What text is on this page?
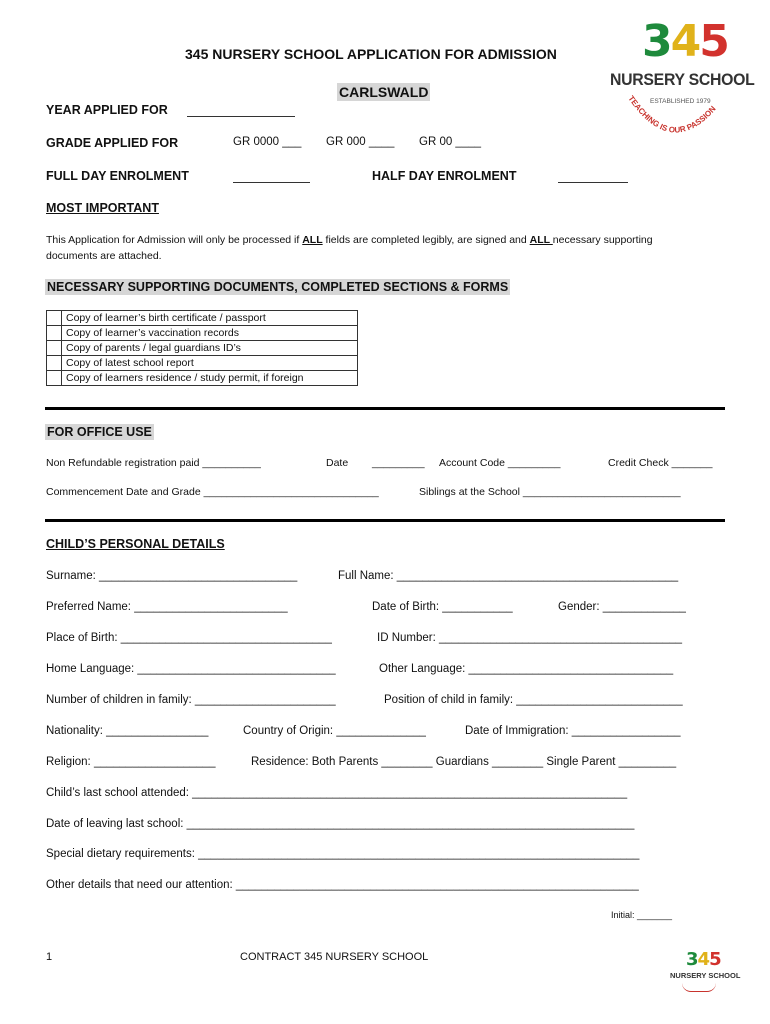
345
NURSERY SCHOOL
ESTABLISHED 1979
TEACHING IS OUR PASSION
345 NURSERY SCHOOL APPLICATION FOR ADMISSION
CARLSWALD
YEAR APPLIED FOR
GRADE APPLIED FOR	GR 0000 ___ GR 000 ____ GR 00 ____
FULL DAY ENROLMENT	HALF DAY ENROLMENT
MOST IMPORTANT
This Application for Admission will only be processed if ALL fields are completed legibly, are signed and ALL necessary supporting
documents are attached.
NECESSARY SUPPORTING DOCUMENTS, COMPLETED SECTIONS & FORMS
	Copy of learner’s birth certificate / passport
	Copy of learner’s vaccination records
	Copy of parents / legal guardians ID’s
	Copy of latest school report
	Copy of learners residence / study permit, if foreign
FOR OFFICE USE
Non Refundable registration paid __________	Date _________ Account Code _________	Credit Check _______
Commencement Date and Grade ______________________________	Siblings at the School ___________________________
CHILD’S PERSONAL DETAILS
Surname: _______________________________	Full Name: ____________________________________________
Preferred Name: ________________________	Date of Birth: ___________	Gender: _____________
Place of Birth: _________________________________	ID Number: ______________________________________
Home Language: _______________________________	Other Language: ________________________________
Number of children in family: ______________________	Position of child in family: __________________________
Nationality: ________________	Country of Origin: ______________	Date of Immigration: _________________
Religion: ___________________	Residence: Both Parents ________ Guardians ________ Single Parent _________
Child’s last school attended: ____________________________________________________________________
Date of leaving last school: ______________________________________________________________________
Special dietary requirements: _____________________________________________________________________
Other details that need our attention: _______________________________________________________________
Initial: _______
1	CONTRACT 345 NURSERY SCHOOL	345
NURSERY SCHOOL
